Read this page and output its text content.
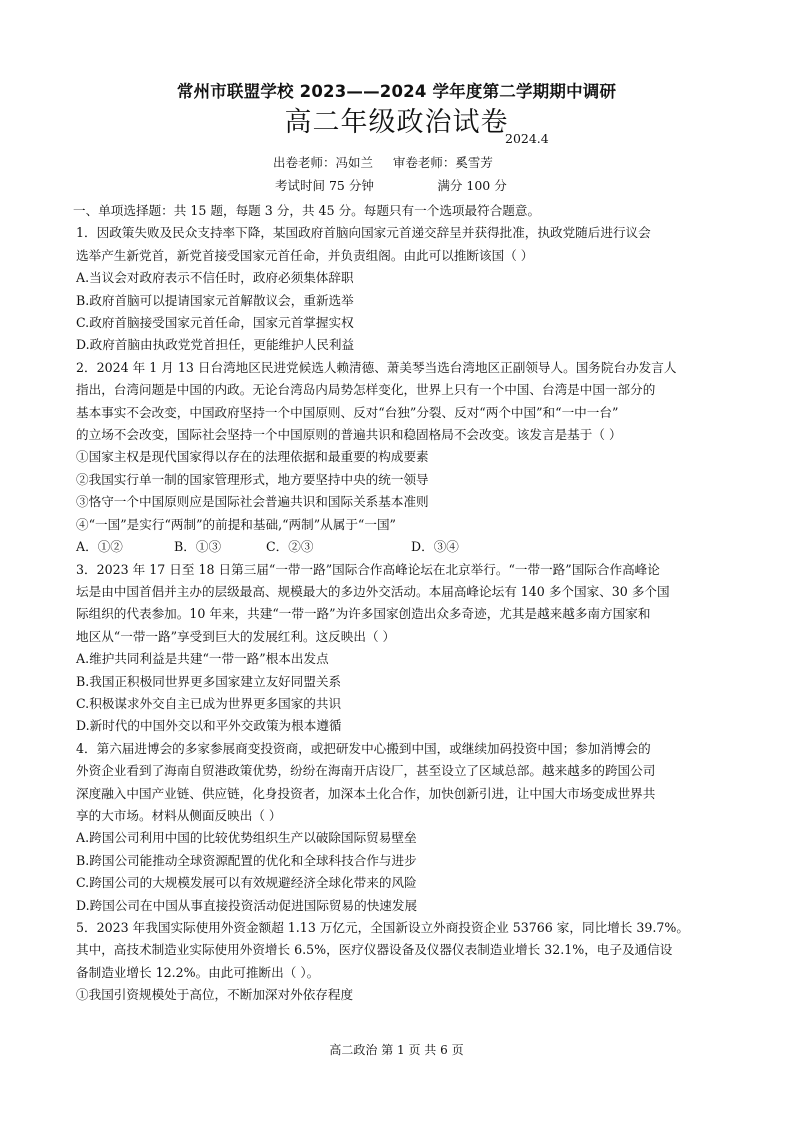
常州市联盟学校 2023——2024 学年度第二学期期中调研
高二年级政治试卷
2024.4
出卷老师：冯如兰     审卷老师：奚雪芳
考试时间 75 分钟                满分 100 分

一、单项选择题：共 15 题，每题 3 分，共 45 分。每题只有一个选项最符合题意。

1．因政策失败及民众支持率下降，某国政府首脑向国家元首递交辞呈并获得批准，执政党随后进行议会

选举产生新党首，新党首接受国家元首任命，并负责组阁。由此可以推断该国（ ）

A.当议会对政府表示不信任时，政府必须集体辞职

B.政府首脑可以提请国家元首解散议会，重新选举

C.政府首脑接受国家元首任命，国家元首掌握实权

D.政府首脑由执政党党首担任，更能维护人民利益

2．2024 年 1 月 13 日台湾地区民进党候选人赖清德、萧美琴当选台湾地区正副领导人。国务院台办发言人

指出，台湾问题是中国的内政。无论台湾岛内局势怎样变化，世界上只有一个中国、台湾是中国一部分的

基本事实不会改变，中国政府坚持一个中国原则、反对“台独”分裂、反对“两个中国”和“一中一台”

的立场不会改变，国际社会坚持一个中国原则的普遍共识和稳固格局不会改变。该发言是基于（ ）

①国家主权是现代国家得以存在的法理依据和最重要的构成要素

②我国实行单一制的国家管理形式，地方要坚持中央的统一领导

③恪守一个中国原则应是国际社会普遍共识和国际关系基本准则

④“一国”是实行“两制”的前提和基础,“两制”从属于“一国”

A．①②	B．①③	C．②③	D．③④

3．2023 年 17 日至 18 日第三届“一带一路”国际合作高峰论坛在北京举行。“一带一路”国际合作高峰论

坛是由中国首倡并主办的层级最高、规模最大的多边外交活动。本届高峰论坛有 140 多个国家、30 多个国

际组织的代表参加。10 年来，共建“一带一路”为许多国家创造出众多奇迹，尤其是越来越多南方国家和

地区从“一带一路”享受到巨大的发展红利。这反映出（ ）

A.维护共同利益是共建“一带一路”根本出发点

B.我国正积极同世界更多国家建立友好同盟关系

C.积极谋求外交自主已成为世界更多国家的共识

D.新时代的中国外交以和平外交政策为根本遵循

4．第六届进博会的多家参展商变投资商，或把研发中心搬到中国，或继续加码投资中国；参加消博会的

外资企业看到了海南自贸港政策优势，纷纷在海南开店设厂，甚至设立了区域总部。越来越多的跨国公司

深度融入中国产业链、供应链，化身投资者，加深本土化合作，加快创新引进，让中国大市场变成世界共

享的大市场。材料从侧面反映出（ ）

A.跨国公司利用中国的比较优势组织生产以破除国际贸易壁垒

B.跨国公司能推动全球资源配置的优化和全球科技合作与进步

C.跨国公司的大规模发展可以有效规避经济全球化带来的风险

D.跨国公司在中国从事直接投资活动促进国际贸易的快速发展

5．2023 年我国实际使用外资金额超 1.13 万亿元，全国新设立外商投资企业 53766 家，同比增长 39.7%。

其中，高技术制造业实际使用外资增长 6.5%，医疗仪器设备及仪器仪表制造业增长 32.1%，电子及通信设

备制造业增长 12.2%。由此可推断出（ ）。

①我国引资规模处于高位，不断加深对外依存程度

高二政治 第 1 页 共 6 页
